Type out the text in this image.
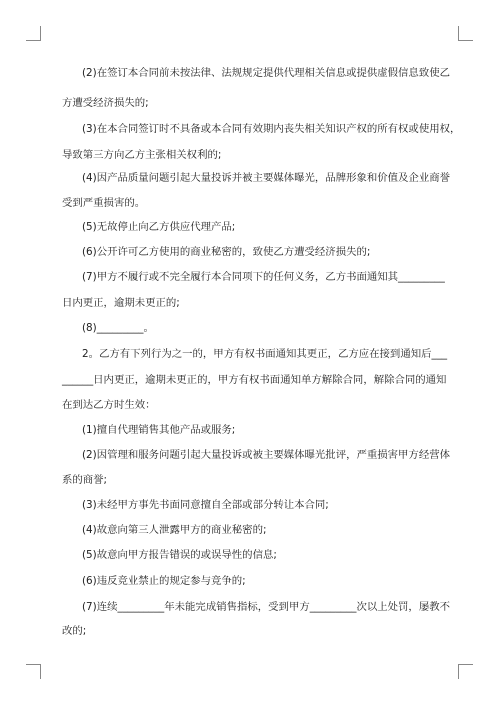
(2)在签订本合同前未按法律、法规规定提供代理相关信息或提供虚假信息致使乙
方遭受经济损失的;
(3)在本合同签订时不具备或本合同有效期内丧失相关知识产权的所有权或使用权，
导致第三方向乙方主张相关权利的;
(4)因产品质量问题引起大量投诉并被主要媒体曝光，品牌形象和价值及企业商誉
受到严重损害的。
(5)无故停止向乙方供应代理产品;
(6)公开许可乙方使用的商业秘密的，致使乙方遭受经济损失的;
(7)甲方不履行或不完全履行本合同项下的任何义务，乙方书面通知其_________
日内更正，逾期未更正的;
(8)_________。
2。乙方有下列行为之一的，甲方有权书面通知其更正，乙方应在接到通知后___
______日内更正，逾期未更正的，甲方有权书面通知单方解除合同，解除合同的通知
在到达乙方时生效：
(1)擅自代理销售其他产品或服务;
(2)因管理和服务问题引起大量投诉或被主要媒体曝光批评，严重损害甲方经营体
系的商誉;
(3)未经甲方事先书面同意擅自全部或部分转让本合同;
(4)故意向第三人泄露甲方的商业秘密的;
(5)故意向甲方报告错误的或误导性的信息;
(6)违反竞业禁止的规定参与竞争的;
(7)连续_________年未能完成销售指标，受到甲方_________次以上处罚，屡教不
改的;
